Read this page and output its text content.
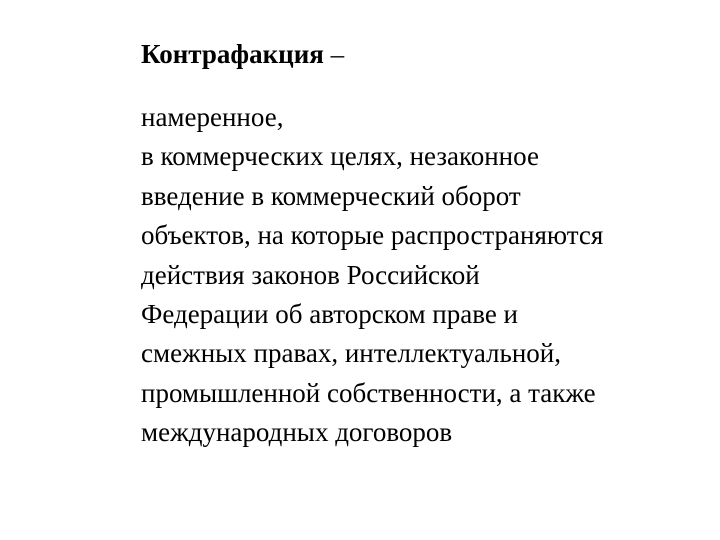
Контрафакция –
намеренное,
в коммерческих целях, незаконное
введение в коммерческий оборот
объектов, на которые распространяются
действия законов Российской
Федерации об авторском праве и
смежных правах, интеллектуальной,
промышленной собственности, а также
международных договоров
